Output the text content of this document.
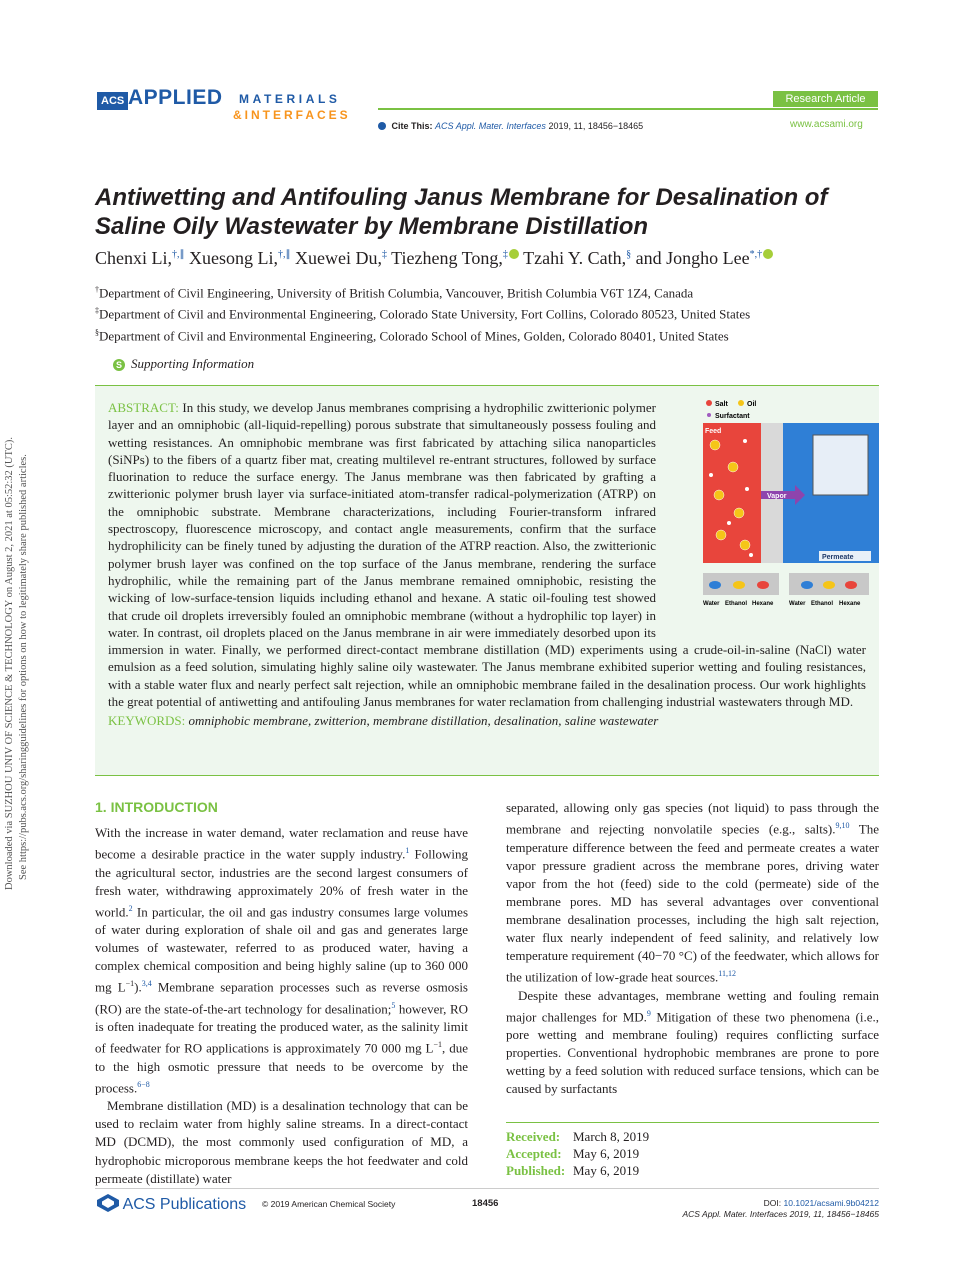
ACS APPLIED MATERIALS
&INTERFACES
Research Article
Cite This: ACS Appl. Mater. Interfaces 2019, 11, 18456−18465	www.acsami.org
Downloaded via SUZHOU UNIV OF SCIENCE & TECHNOLOGY on August 2, 2021 at 05:52:32 (UTC). See https://pubs.acs.org/sharingguidelines for options on how to legitimately share published articles.
Antiwetting and Antifouling Janus Membrane for Desalination of Saline Oily Wastewater by Membrane Distillation
Chenxi Li,†,∥ Xuesong Li,†,∥ Xuewei Du,‡ Tiezheng Tong,‡ Tzahi Y. Cath,§ and Jongho Lee*,†
†Department of Civil Engineering, University of British Columbia, Vancouver, British Columbia V6T 1Z4, Canada
‡Department of Civil and Environmental Engineering, Colorado State University, Fort Collins, Colorado 80523, United States
§Department of Civil and Environmental Engineering, Colorado School of Mines, Golden, Colorado 80401, United States
S Supporting Information
ABSTRACT: In this study, we develop Janus membranes comprising a hydrophilic zwitterionic polymer layer and an omniphobic (all-liquid-repelling) porous substrate that simultaneously possess fouling and wetting resistances. An omniphobic membrane was first fabricated by attaching silica nanoparticles (SiNPs) to the fibers of a quartz fiber mat, creating multilevel re-entrant structures, followed by surface fluorination to reduce the surface energy. The Janus membrane was then fabricated by grafting a zwitterionic polymer brush layer via surface-initiated atom-transfer radical-polymerization (ATRP) on the omniphobic substrate. Membrane characterizations, including Fourier-transform infrared spectroscopy, fluorescence microscopy, and contact angle measurements, confirm that the surface hydrophilicity can be finely tuned by adjusting the duration of the ATRP reaction. Also, the zwitterionic polymer brush layer was confined on the top surface of the Janus membrane, rendering the surface hydrophilic, while the remaining part of the Janus membrane remained omniphobic, resisting the wicking of low-surface-tension liquids including ethanol and hexane. A static oil-fouling test showed that crude oil droplets irreversibly fouled an omniphobic membrane (without a hydrophilic top layer) in water. In contrast, oil droplets placed on the Janus membrane in air were immediately desorbed upon its immersion in water. Finally, we performed direct-contact membrane distillation (MD) experiments using a crude-oil-in-saline (NaCl) water emulsion as a feed solution, simulating highly saline oily wastewater. The Janus membrane exhibited superior wetting and fouling resistances, with a stable water flux and nearly perfect salt rejection, while an omniphobic membrane failed in the desalination process. Our work highlights the great potential of antiwetting and antifouling Janus membranes for water reclamation from challenging industrial wastewaters through MD.
KEYWORDS: omniphobic membrane, zwitterion, membrane distillation, desalination, saline wastewater
Salt	Oil
Surfactant
Vapor
Feed
Permeate
Water Ethanol Hexane	Water Ethanol Hexane
1. INTRODUCTION

With the increase in water demand, water reclamation and reuse have become a desirable practice in the water supply industry.$^1$ Following the agricultural sector, industries are the second largest consumers of fresh water, withdrawing approximately 20% of fresh water in the world.$^2$ In particular, the oil and gas industry consumes large volumes of water during exploration of shale oil and gas and generates large volumes of wastewater, referred to as produced water, having a complex chemical composition and being highly saline (up to 360 000 mg $L^{-1}).^{3,4}$ Membrane separation processes such as reverse osmosis (RO) are the state-of-the-art technology for desalination;$^5$ however, RO is often inadequate for treating the produced water, as the salinity limit of feedwater for RO applications is approximately 70 000 mg $L^{-1}$, due to the high osmotic pressure that needs to be overcome by the process.$^{6-8}$

Membrane distillation (MD) is a desalination technology that can be used to reclaim water from highly saline streams. In a direct-contact MD (DCMD), the most commonly used configuration of MD, a hydrophobic microporous membrane keeps the hot feedwater and cold permeate (distillate) water

separated, allowing only gas species (not liquid) to pass through the membrane and rejecting nonvolatile species (e.g., salts).$^{9,10}$ The temperature difference between the feed and permeate creates a water vapor pressure gradient across the membrane pores, driving water vapor from the hot (feed) side to the cold (permeate) side of the membrane pores. MD has several advantages over conventional membrane desalination processes, including the high salt rejection, water flux nearly independent of feed salinity, and relatively low temperature requirement (40−70 °C) of the feedwater, which allows for the utilization of low-grade heat sources.$^{11,12}$

Despite these advantages, membrane wetting and fouling remain major challenges for MD.$^9$ Mitigation of these two phenomena (i.e., pore wetting and membrane fouling) requires conflicting surface properties. Conventional hydrophobic membranes are prone to pore wetting by a feed solution with reduced surface tensions, which can be caused by surfactants

Received: March 8, 2019
Accepted: May 6, 2019
Published: May 6, 2019
ACS Publications © 2019 American Chemical Society	18456	DOI: 10.1021/acsami.9b04212
ACS Appl. Mater. Interfaces 2019, 11, 18456−18465
